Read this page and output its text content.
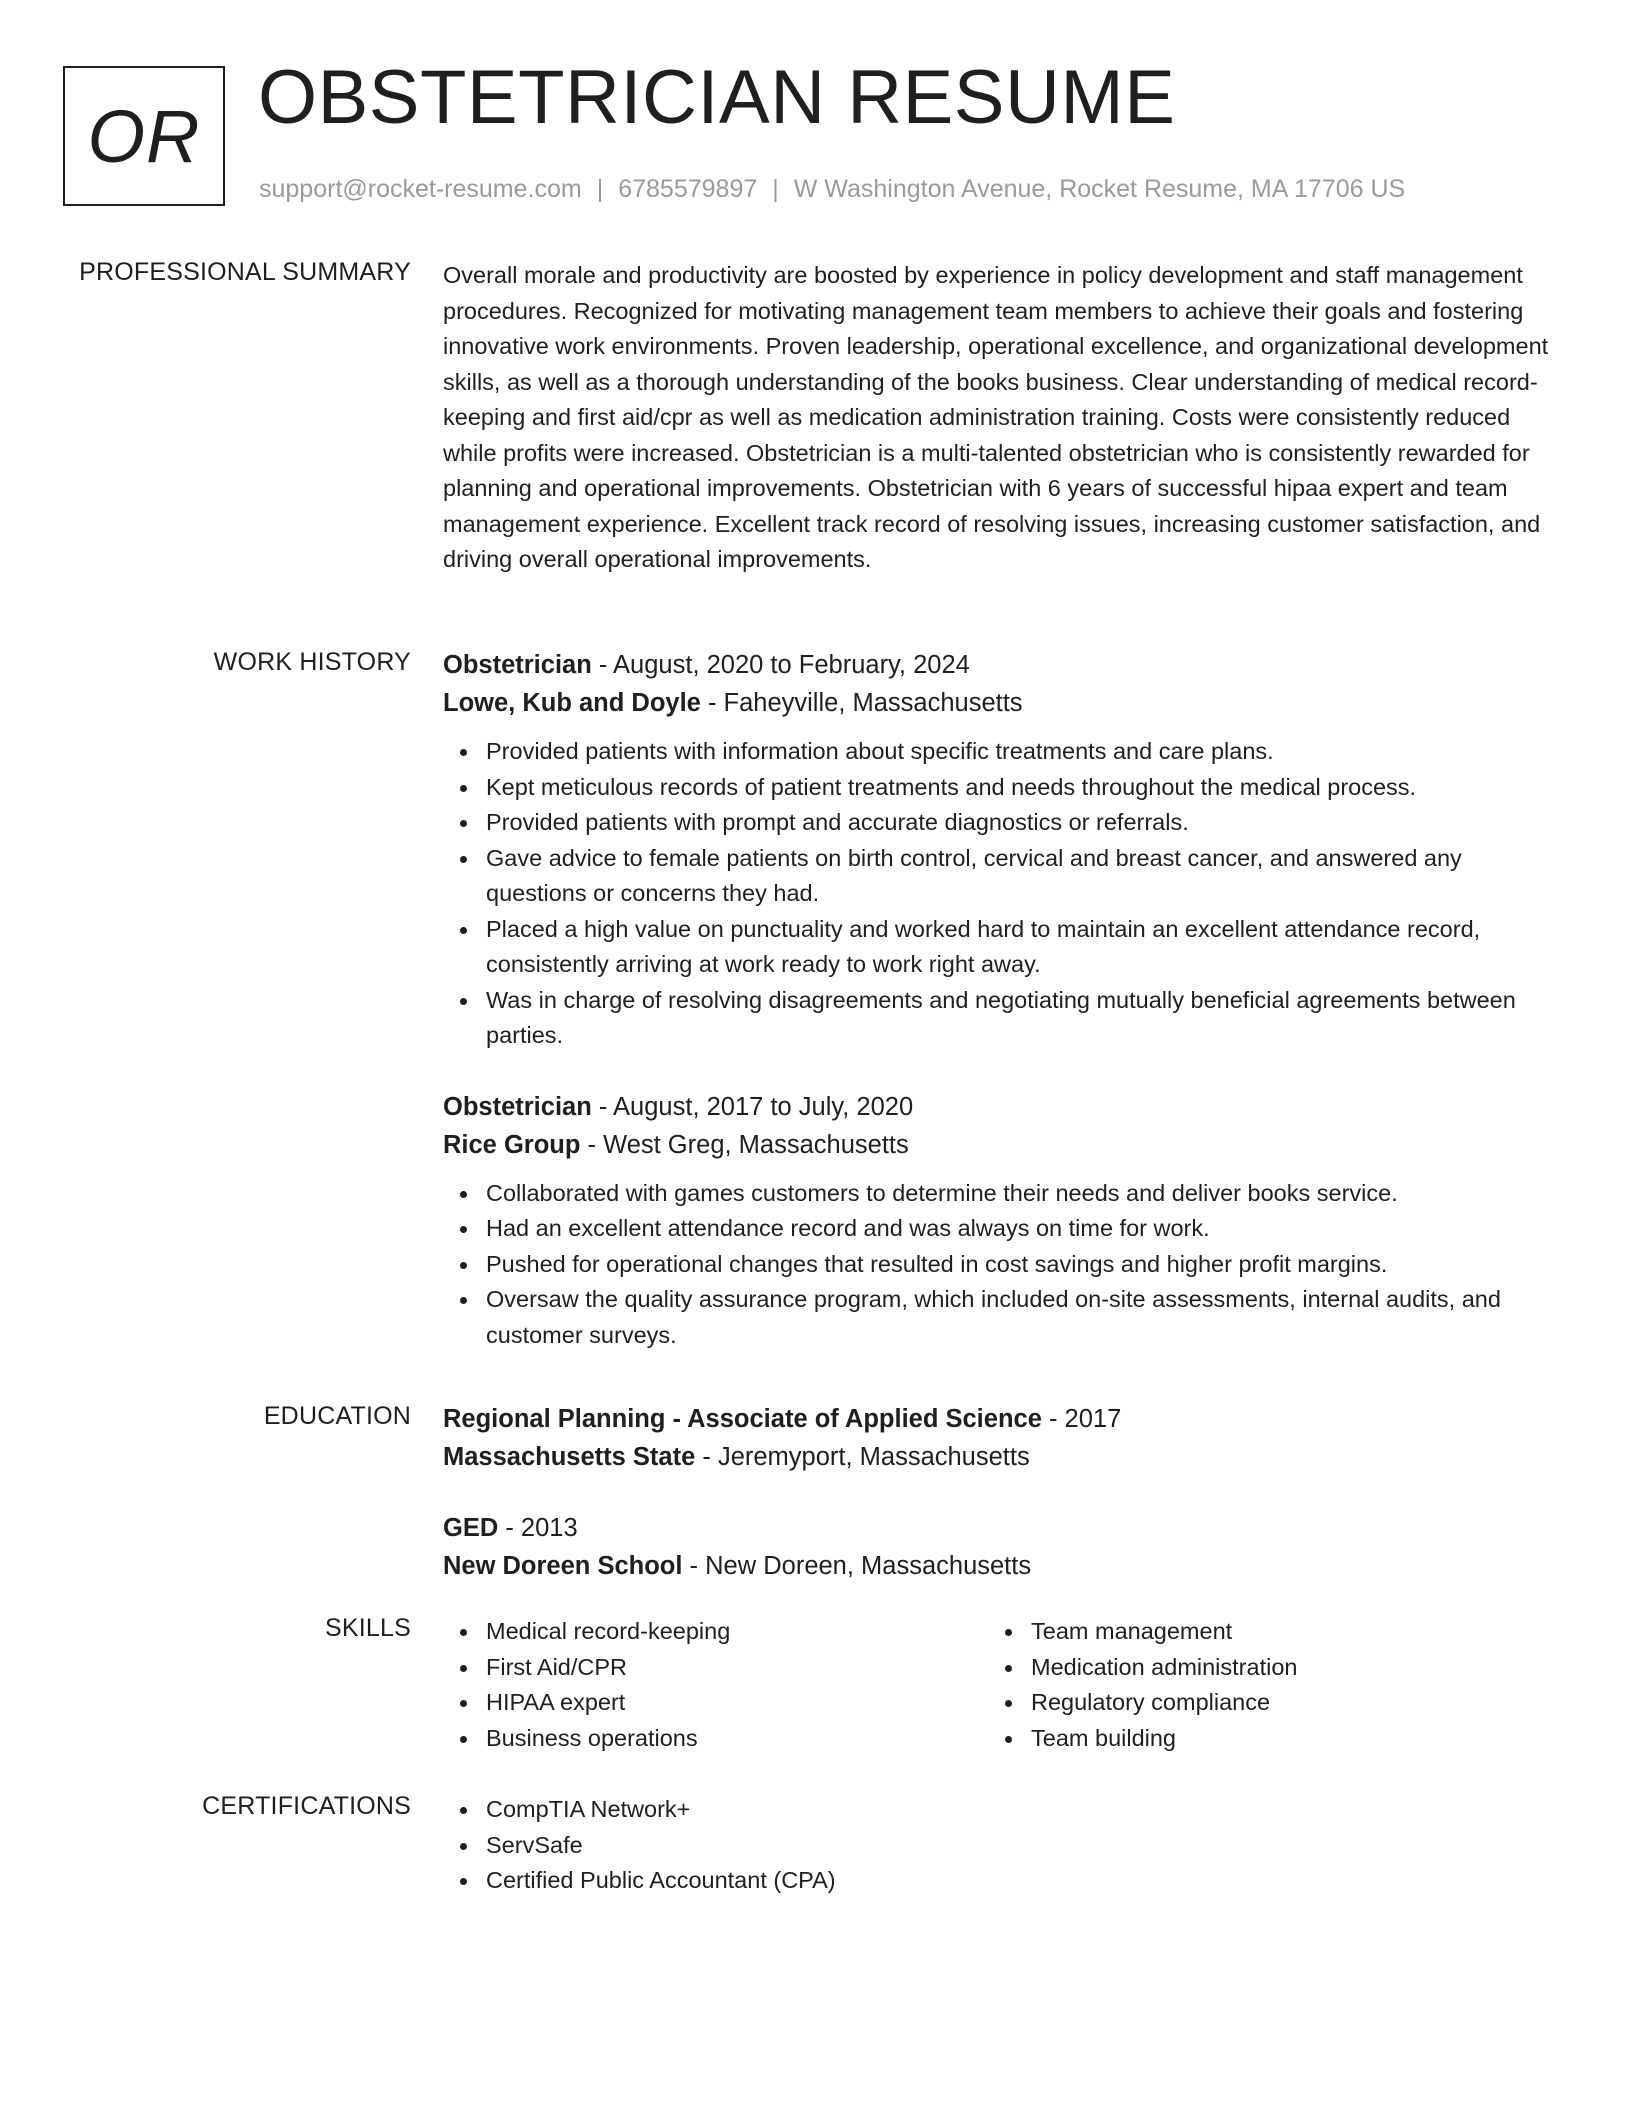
OR OBSTETRICIAN RESUME
support@rocket-resume.com | 6785579897 | W Washington Avenue, Rocket Resume, MA 17706 US
PROFESSIONAL SUMMARY Overall morale and productivity are boosted by experience in policy development and staff management procedures. Recognized for motivating management team members to achieve their goals and fostering innovative work environments. Proven leadership, operational excellence, and organizational development skills, as well as a thorough understanding of the books business. Clear understanding of medical record-keeping and first aid/cpr as well as medication administration training. Costs were consistently reduced while profits were increased. Obstetrician is a multi-talented obstetrician who is consistently rewarded for planning and operational improvements. Obstetrician with 6 years of successful hipaa expert and team management experience. Excellent track record of resolving issues, increasing customer satisfaction, and driving overall operational improvements.

WORK HISTORY Obstetrician - August, 2020 to February, 2024
Lowe, Kub and Doyle - Faheyville, Massachusetts
Provided patients with information about specific treatments and care plans.
Kept meticulous records of patient treatments and needs throughout the medical process.
Provided patients with prompt and accurate diagnostics or referrals.
Gave advice to female patients on birth control, cervical and breast cancer, and answered any questions or concerns they had.
Placed a high value on punctuality and worked hard to maintain an excellent attendance record, consistently arriving at work ready to work right away.
Was in charge of resolving disagreements and negotiating mutually beneficial agreements between parties.
Obstetrician - August, 2017 to July, 2020
Rice Group - West Greg, Massachusetts
Collaborated with games customers to determine their needs and deliver books service.
Had an excellent attendance record and was always on time for work.
Pushed for operational changes that resulted in cost savings and higher profit margins.
Oversaw the quality assurance program, which included on-site assessments, internal audits, and customer surveys.
EDUCATION Regional Planning - Associate of Applied Science - 2017
Massachusetts State - Jeremyport, Massachusetts
GED - 2013
New Doreen School - New Doreen, Massachusetts
SKILLS	Medical record-keeping
First Aid/CPR
HIPAA expert
Business operations
Team management
Medication administration
Regulatory compliance
Team building
CERTIFICATIONS	CompTIA Network+
ServSafe
Certified Public Accountant (CPA)
